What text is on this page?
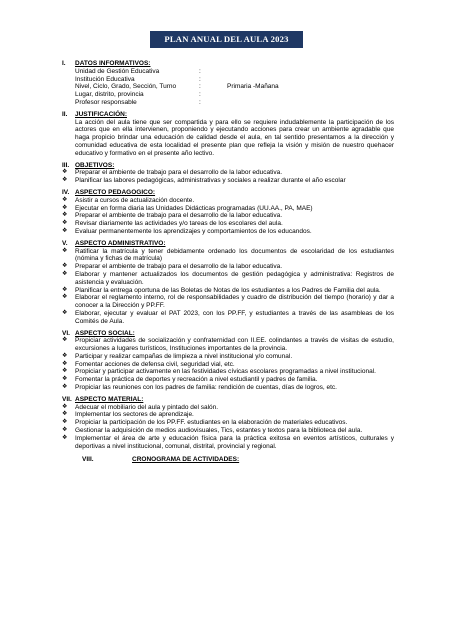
PLAN ANUAL DEL AULA 2023
I.	DATOS INFORMATIVOS:
Unidad de Gestión Educativa	:
Institución Educativa	:
Nivel, Ciclo, Grado, Sección, Turno	:	Primaria -Mañana
Lugar, distrito, provincia	:
Profesor responsable	:
II.	JUSTIFICACIÓN:
La acción del aula tiene que ser compartida y para ello se requiere indudablemente la participación de los actores que en ella intervienen, proponiendo y ejecutando acciones para crear un ambiente agradable que haga propicio brindar una educación de calidad desde el aula, en tal sentido presentamos a la dirección y comunidad educativa de esta localidad el presente plan que refleja la visión y misión de nuestro quehacer educativo y formativo en el presente año lectivo.
III. OBJETIVOS:
❖	Preparar el ambiente de trabajo para el desarrollo de la labor educativa.
❖	Planificar las labores pedagógicas, administrativas y sociales a realizar durante el año escolar
IV. ASPECTO PEDAGOGICO:
❖	Asistir a cursos de actualización docente.
❖	Ejecutar en forma diaria las Unidades Didácticas programadas (UU.AA., PA, MAE)
❖	Preparar el ambiente de trabajo para el desarrollo de la labor educativa.
❖	Revisar diariamente las actividades y/o tareas de los escolares del aula.
❖	Evaluar permanentemente los aprendizajes y comportamientos de los educandos.
V.	ASPECTO ADMINISTRATIVO:
❖	Ratificar la matrícula y tener debidamente ordenado los documentos de escolaridad de los estudiantes (nómina y fichas de matrícula)
❖	Preparar el ambiente de trabajo para el desarrollo de la labor educativa.
❖	Elaborar y mantener actualizados los documentos de gestión pedagógica y administrativa: Registros de asistencia y evaluación.
❖	Planificar la entrega oportuna de las Boletas de Notas de los estudiantes a los Padres de Familia del aula.
❖	Elaborar el reglamento interno, rol de responsabilidades y cuadro de distribución del tiempo (horario) y dar a conocer a la Dirección y PP.FF.
❖	Elaborar, ejecutar y evaluar el PAT 2023, con los PP.FF, y estudiantes a través de las asambleas de los Comités de Aula.
VI. ASPECTO SOCIAL:
❖	Propiciar actividades de socialización y confraternidad con II.EE. colindantes a través de visitas de estudio, excursiones a lugares turísticos, Instituciones importantes de la provincia.
❖	Participar y realizar campañas de limpieza a nivel institucional y/o comunal.
❖	Fomentar acciones de defensa civil, seguridad vial, etc.
❖	Propiciar y participar activamente en las festividades cívicas escolares programadas a nivel institucional.
❖	Fomentar la práctica de deportes y recreación a nivel estudiantil y padres de familia.
❖	Propiciar las reuniones con los padres de familia: rendición de cuentas, días de logros, etc.
VII. ASPECTO MATERIAL:
❖	Adecuar el mobiliario del aula y pintado del salón.
❖	Implementar los sectores de aprendizaje.
❖	Propiciar la participación de los PP.FF. estudiantes en la elaboración de materiales educativos.
❖	Gestionar la adquisición de medios audiovisuales, Tics, estantes y textos para la biblioteca del aula.
❖	Implementar el área de arte y educación física para la práctica exitosa en eventos artísticos, culturales y deportivas a nivel institucional, comunal, distrital, provincial y regional.
VIII.	CRONOGRAMA DE ACTIVIDADES:
